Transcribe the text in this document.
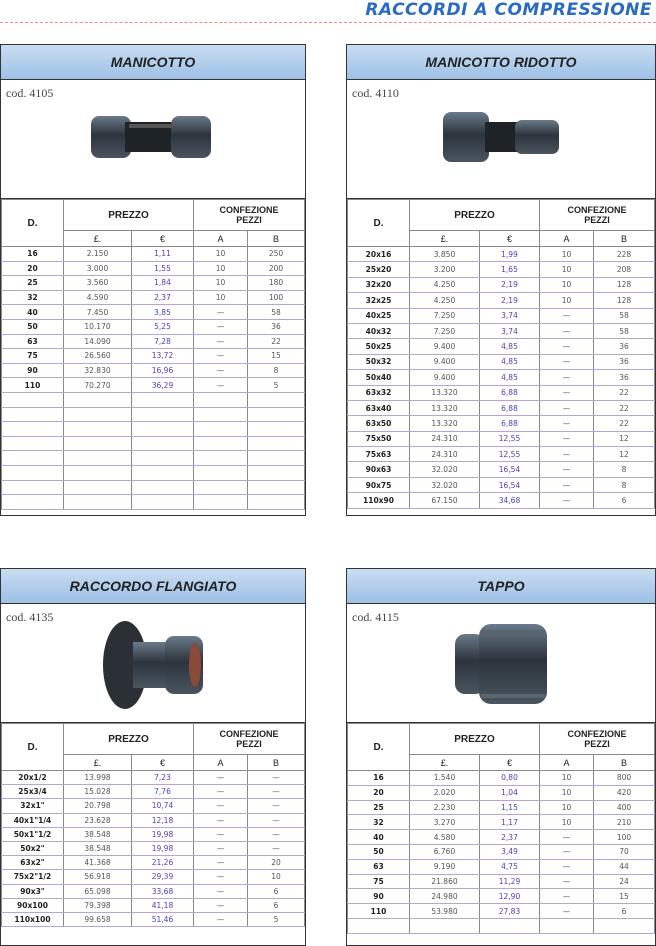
RACCORDI A COMPRESSIONE
MANICOTTO
cod. 4105
D.	PREZZO		CONFEZIONE
PEZZI	
	£.	€	A	B
16	2.150	1,11	10	250
20	3.000	1,55	10	200
25	3.560	1,84	10	180
32	4.590	2,37	10	100
40	7.450	3,85	—	58
50	10.170	5,25	—	36
63	14.090	7,28	—	22
75	26.560	13,72	—	15
90	32.830	16,96	—	8
110	70.270	36,29	—	5

MANICOTTO RIDOTTO
cod. 4110
D.	PREZZO		CONFEZIONE
PEZZI	
	£.	€	A	B
20x16	3.850	1,99	10	228
25x20	3.200	1,65	10	208
32x20	4.250	2,19	10	128
32x25	4.250	2,19	10	128
40x25	7.250	3,74	—	58
40x32	7.250	3,74	—	58
50x25	9.400	4,85	—	36
50x32	9.400	4,85	—	36
50x40	9.400	4,85	—	36
63x32	13.320	6,88	—	22
63x40	13.320	6,88	—	22
63x50	13.320	6,88	—	22
75x50	24.310	12,55	—	12
75x63	24.310	12,55	—	12
90x63	32.020	16,54	—	8
90x75	32.020	16,54	—	8
110x90	67.150	34,68	—	6
RACCORDO FLANGIATO
cod. 4135
D.	PREZZO		CONFEZIONE
PEZZI	
	£.	€	A	B
20x1/2	13.998	7,23	—	—
25x3/4	15.028	7,76	—	—
32x1"	20.798	10,74	—	—
40x1"1/4	23.628	12,18	—	—
50x1"1/2	38.548	19,98	—	—
50x2"	38.548	19,98	—	—
63x2"	41.368	21,26	—	20
75x2"1/2	56.918	29,39	—	10
90x3"	65.098	33,68	—	6
90x100	79.398	41,18	—	6
110x100	99.658	51,46	—	5
TAPPO
cod. 4115
D.	PREZZO		CONFEZIONE
PEZZI	
	£.	€	A	B
16	1.540	0,80	10	800
20	2.020	1,04	10	420
25	2.230	1,15	10	400
32	3.270	1,17	10	210
40	4.580	2,37	—	100
50	6.760	3,49	—	70
63	9.190	4,75	—	44
75	21.860	11,29	—	24
90	24.980	12,90	—	15
110	53.980	27,83	—	6
